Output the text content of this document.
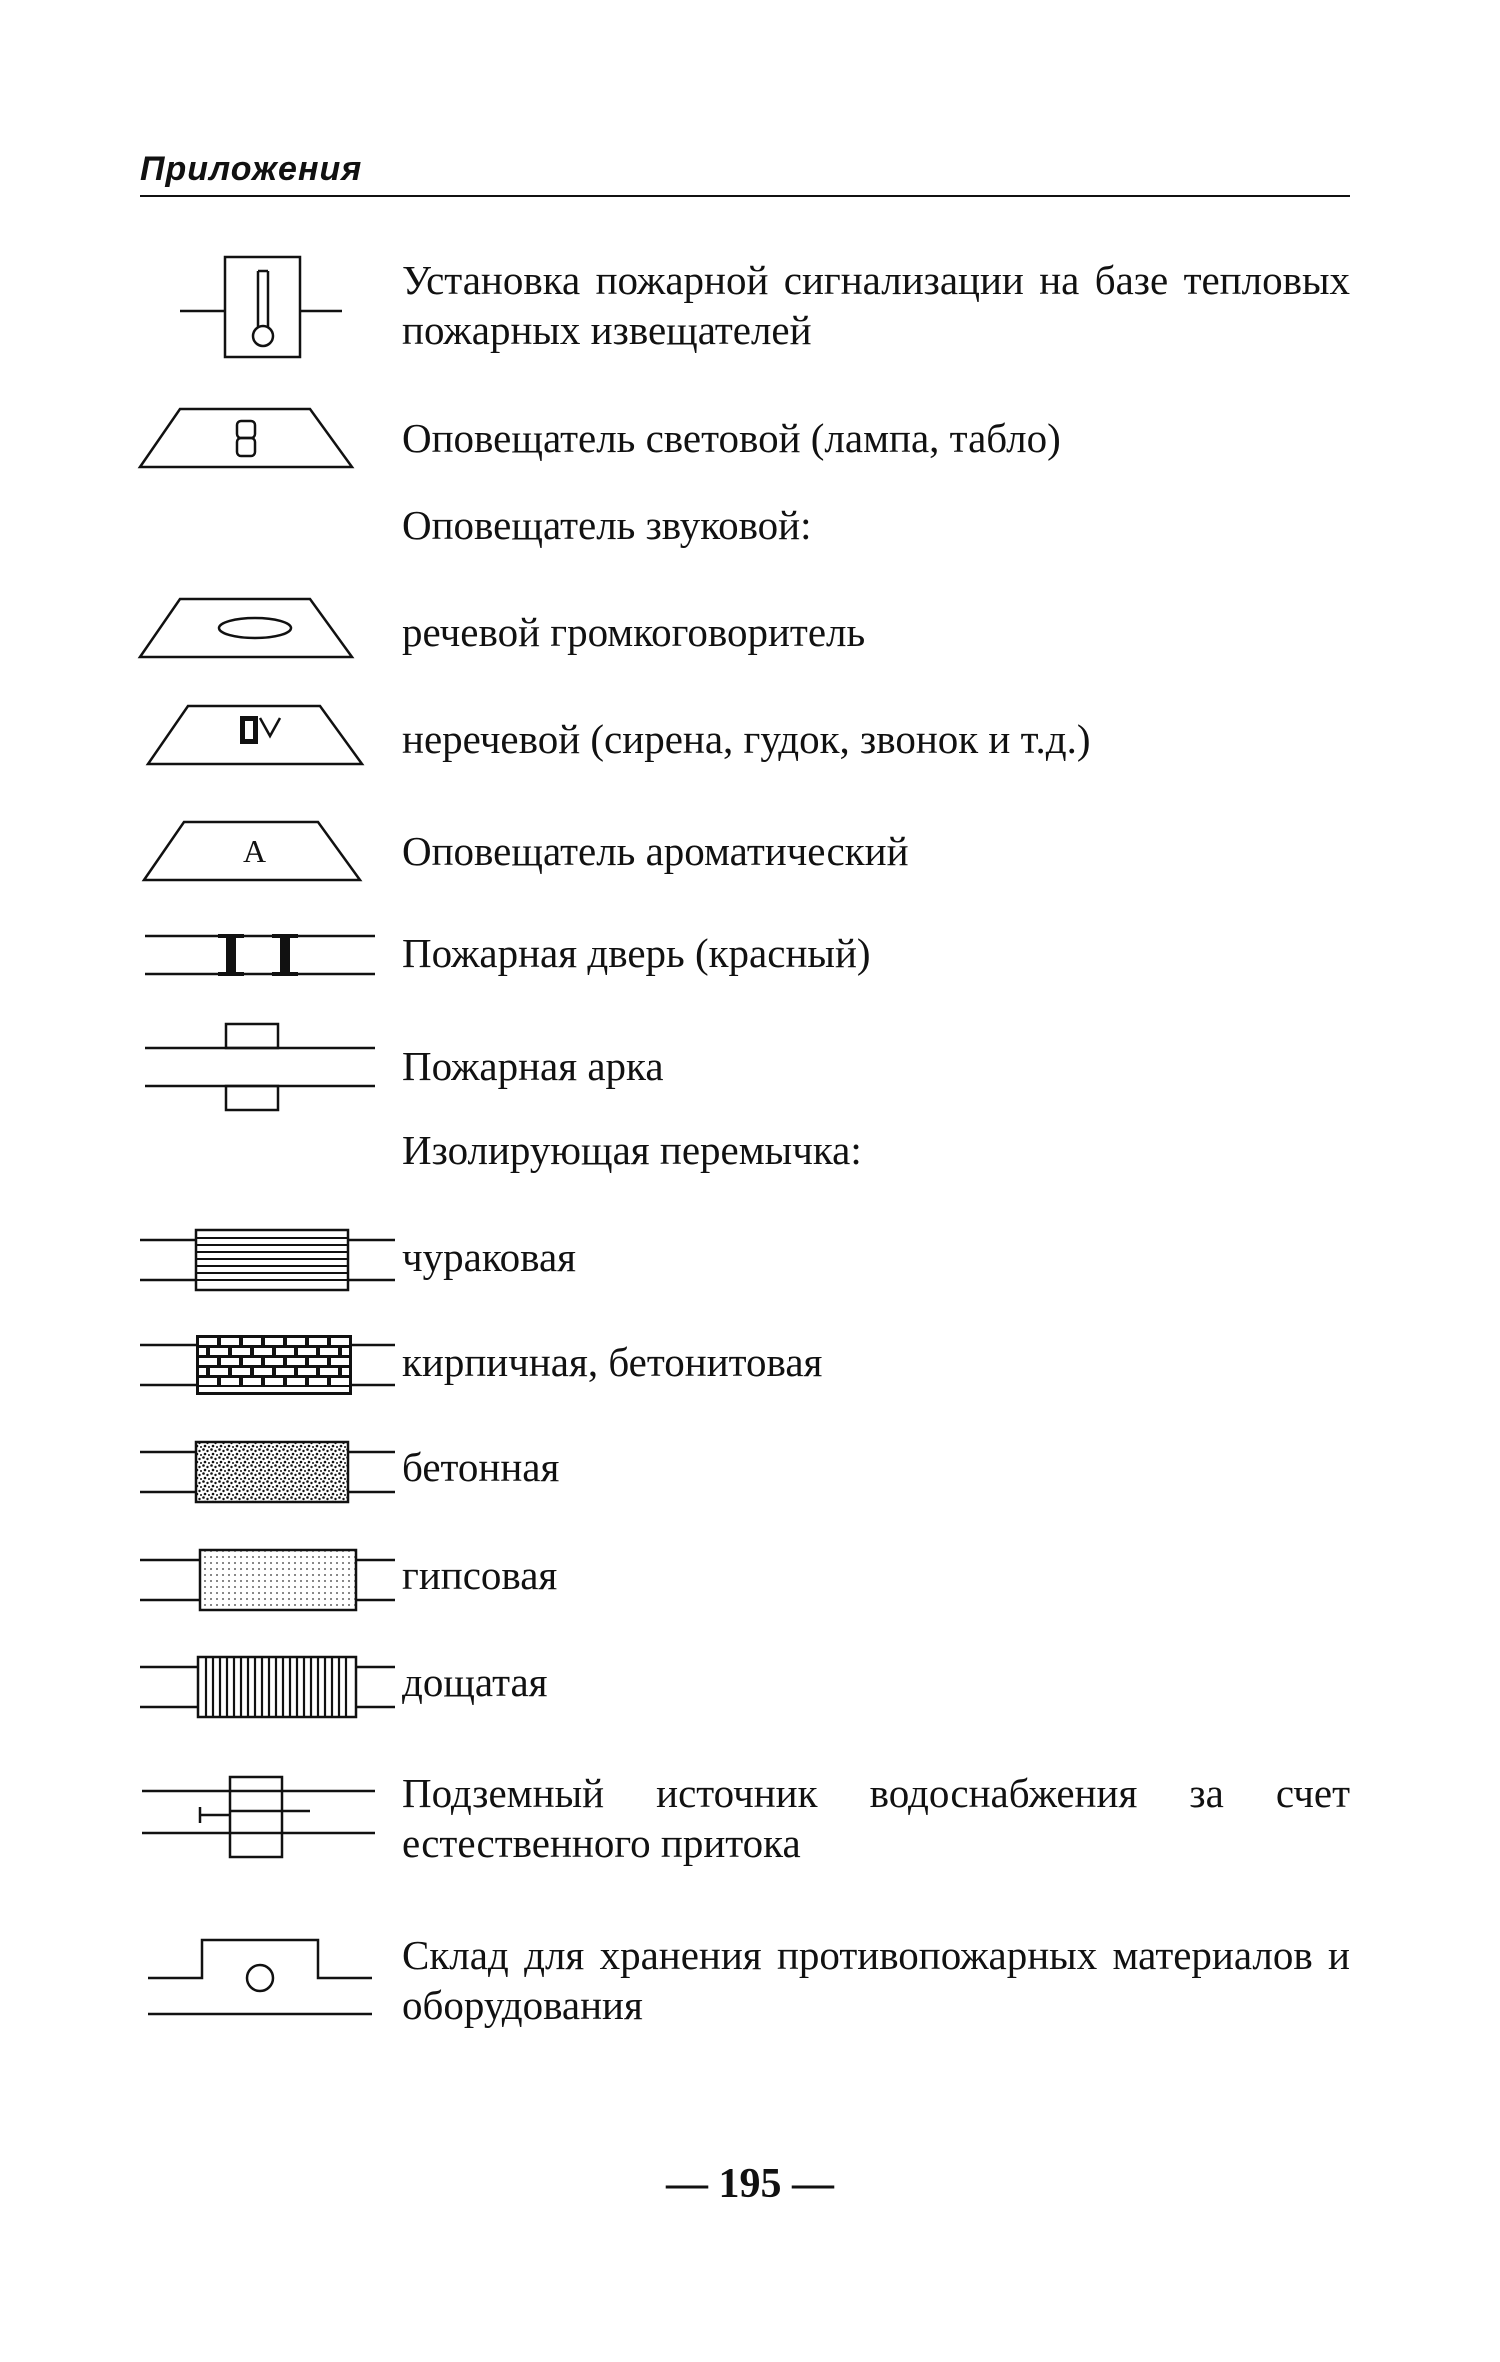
Приложения
Установка пожарной сигнализации на базе тепловых пожарных извещателей
Оповещатель световой (лампа, табло)
Оповещатель звуковой:
речевой громкоговоритель
неречевой (сирена, гудок, звонок и т.д.)
А	Оповещатель ароматический
Пожарная дверь (красный)
Пожарная арка
Изолирующая перемычка:
чураковая
кирпичная, бетонитовая
бетонная
гипсовая
дощатая
Подземный источник водоснабжения за счет естественного притока
Склад для хранения противопожарных материалов и оборудования
— 195 —
